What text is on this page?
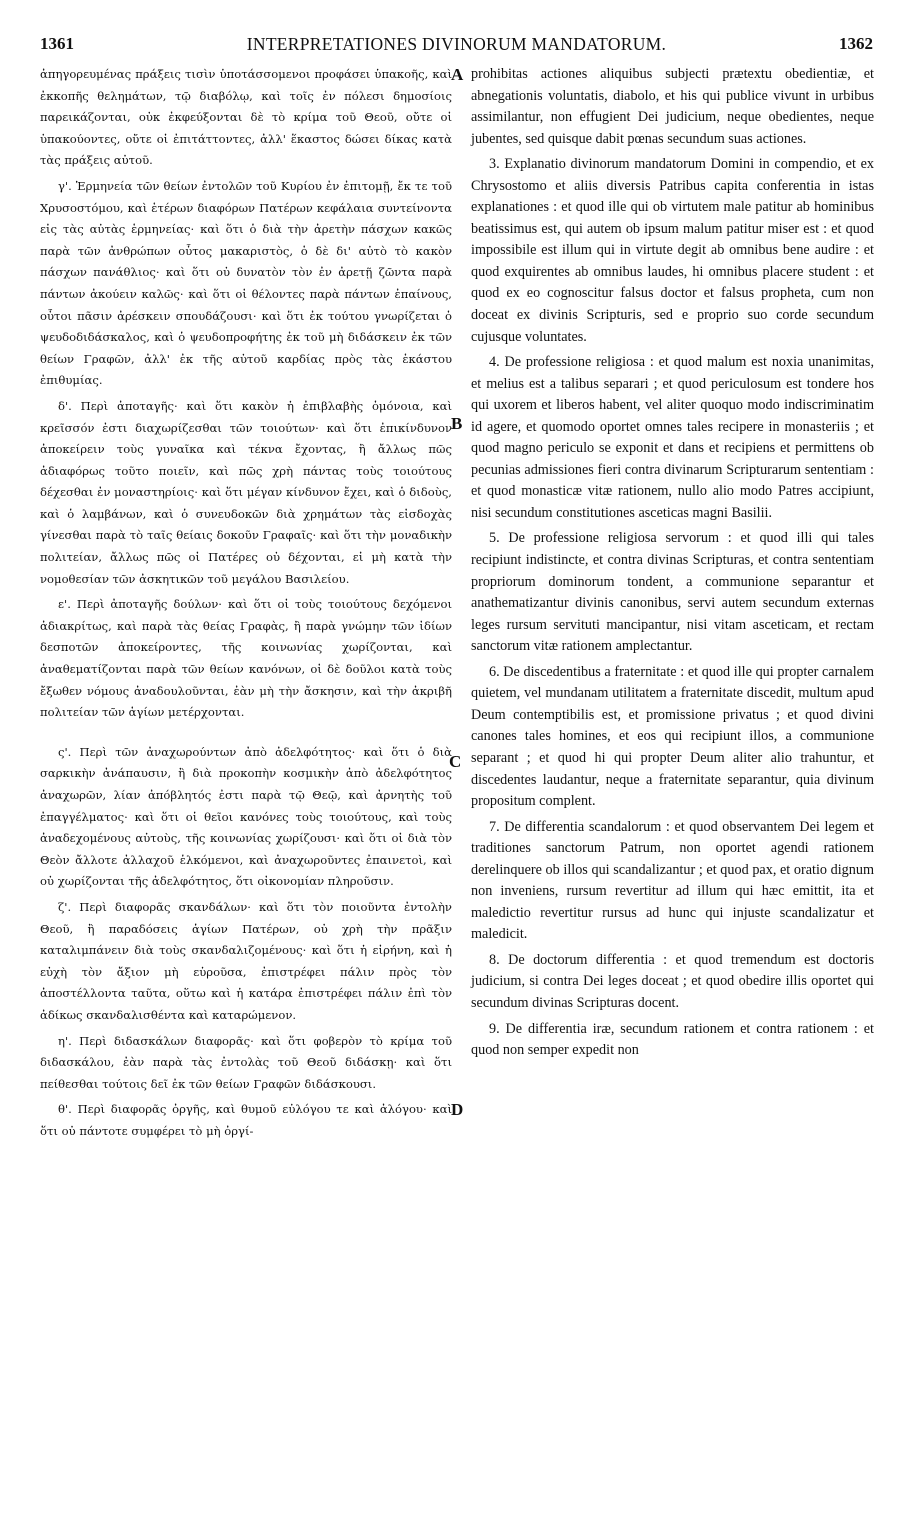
1361	INTERPRETATIONES DIVINORUM MANDATORUM.	1362

ἀπηγορευμένας πράξεις τισὶν ὑποτάσσομενοι προφάσει ὑπακοῆς, καὶ ἐκκοπῆς θελημάτων, τῷ διαβόλῳ, καὶ τοῖς ἐν πόλεσι δημοσίοις παρεικάζονται, οὐκ ἐκφεύξονται δὲ τὸ κρίμα τοῦ Θεοῦ, οὔτε οἱ ὑπακούοντες, οὔτε οἱ ἐπιτάττοντες, ἀλλ' ἕκαστος δώσει δίκας κατὰ τὰς πράξεις αὐτοῦ.

γ'. Ἑρμηνεία τῶν θείων ἐντολῶν τοῦ Κυρίου ἐν ἐπιτομῇ, ἔκ τε τοῦ Χρυσοστόμου, καὶ ἑτέρων διαφόρων Πατέρων κεφάλαια συντείνοντα εἰς τὰς αὐτὰς ἑρμηνείας· καὶ ὅτι ὁ διὰ τὴν ἀρετὴν πάσχων κακῶς παρὰ τῶν ἀνθρώπων οὗτος μακαριστὸς, ὁ δὲ δι' αὐτὸ τὸ κακὸν πάσχων πανάθλιος· καὶ ὅτι οὐ δυνατὸν τὸν ἐν ἀρετῇ ζῶντα παρὰ πάντων ἀκούειν καλῶς· καὶ ὅτι οἱ θέλοντες παρὰ πάντων ἐπαίνους, οὗτοι πᾶσιν ἀρέσκειν σπουδάζουσι· καὶ ὅτι ἐκ τούτου γνωρίζεται ὁ ψευδοδιδάσκαλος, καὶ ὁ ψευδοπροφήτης ἐκ τοῦ μὴ διδάσκειν ἐκ τῶν θείων Γραφῶν, ἀλλ' ἐκ τῆς αὐτοῦ καρδίας πρὸς τὰς ἑκάστου ἐπιθυμίας.

δ'. Περὶ ἀποταγῆς· καὶ ὅτι κακὸν ἡ ἐπιβλαβὴς ὁμόνοια, καὶ κρεῖσσόν ἐστι διαχωρίζεσθαι τῶν τοιούτων· καὶ ὅτι ἐπικίνδυνον ἀποκείρειν τοὺς γυναῖκα καὶ τέκνα ἔχοντας, ἢ ἄλλως πῶς ἀδιαφόρως τοῦτο ποιεῖν, καὶ πῶς χρὴ πάντας τοὺς τοιούτους δέχεσθαι ἐν μοναστηρίοις· καὶ ὅτι μέγαν κίνδυνον ἔχει, καὶ ὁ διδοὺς, καὶ ὁ λαμβάνων, καὶ ὁ συνευδοκῶν διὰ χρημάτων τὰς εἰσδοχὰς γίνεσθαι παρὰ τὸ ταῖς θείαις δοκοῦν Γραφαῖς· καὶ ὅτι τὴν μοναδικὴν πολιτείαν, ἄλλως πῶς οἱ Πατέρες οὐ δέχονται, εἰ μὴ κατὰ τὴν νομοθεσίαν τῶν ἀσκητικῶν τοῦ μεγάλου Βασιλείου.

ε'. Περὶ ἀποταγῆς δούλων· καὶ ὅτι οἱ τοὺς τοιούτους δεχόμενοι ἀδιακρίτως, καὶ παρὰ τὰς θείας Γραφὰς, ἢ παρὰ γνώμην τῶν ἰδίων δεσποτῶν ἀποκείροντες, τῆς κοινωνίας χωρίζονται, καὶ ἀναθεματίζονται παρὰ τῶν θείων κανόνων, οἱ δὲ δοῦλοι κατὰ τοὺς ἔξωθεν νόμους ἀναδουλοῦνται, ἐὰν μὴ τὴν ἄσκησιν, καὶ τὴν ἀκριβῆ πολιτείαν τῶν ἁγίων μετέρχονται.

ς'. Περὶ τῶν ἀναχωρούντων ἀπὸ ἀδελφότητος· καὶ ὅτι ὁ διὰ σαρκικὴν ἀνάπαυσιν, ἢ διὰ προκοπὴν κοσμικὴν ἀπὸ ἀδελφότητος ἀναχωρῶν, λίαν ἀπόβλητός ἐστι παρὰ τῷ Θεῷ, καὶ ἀρνητὴς τοῦ ἐπαγγέλματος· καὶ ὅτι οἱ θεῖοι κανόνες τοὺς τοιούτους, καὶ τοὺς ἀναδεχομένους αὐτοὺς, τῆς κοινωνίας χωρίζουσι· καὶ ὅτι οἱ διὰ τὸν Θεὸν ἄλλοτε ἀλλαχοῦ ἑλκόμενοι, καὶ ἀναχωροῦντες ἐπαινετοὶ, καὶ οὐ χωρίζονται τῆς ἀδελφότητος, ὅτι οἰκονομίαν πληροῦσιν.

ζ'. Περὶ διαφορᾶς σκανδάλων· καὶ ὅτι τὸν ποιοῦντα ἐντολὴν Θεοῦ, ἢ παραδόσεις ἁγίων Πατέρων, οὐ χρὴ τὴν πρᾶξιν καταλιμπάνειν διὰ τοὺς σκανδαλιζομένους· καὶ ὅτι ἡ εἰρήνη, καὶ ἡ εὐχὴ τὸν ἄξιον μὴ εὑροῦσα, ἐπιστρέφει πάλιν πρὸς τὸν ἀποστέλλοντα ταῦτα, οὕτω καὶ ἡ κατάρα ἐπιστρέφει πάλιν ἐπὶ τὸν ἀδίκως σκανδαλισθέντα καὶ καταρώμενον.

η'. Περὶ διδασκάλων διαφορᾶς· καὶ ὅτι φοβερὸν τὸ κρίμα τοῦ διδασκάλου, ἐὰν παρὰ τὰς ἐντολὰς τοῦ Θεοῦ διδάσκῃ· καὶ ὅτι πείθεσθαι τούτοις δεῖ ἐκ τῶν θείων Γραφῶν διδάσκουσι.

θ'. Περὶ διαφορᾶς ὀργῆς, καὶ θυμοῦ εὐλόγου τε καὶ ἀλόγου· καὶ ὅτι οὐ πάντοτε συμφέρει τὸ μὴ ὀργί-

A
B
C
D

prohibitas actiones aliquibus subjecti prætextu obedientiæ, et abnegationis voluntatis, diabolo, et his qui publice vivunt in urbibus assimilantur, non effugient Dei judicium, neque obedientes, neque jubentes, sed quisque dabit pœnas secundum suas actiones.

3. Explanatio divinorum mandatorum Domini in compendio, et ex Chrysostomo et aliis diversis Patribus capita conferentia in istas explanationes : et quod ille qui ob virtutem male patitur ab hominibus beatissimus est, qui autem ob ipsum malum patitur miser est : et quod impossibile est illum qui in virtute degit ab omnibus bene audire : et quod exquirentes ab omnibus laudes, hi omnibus placere student : et quod ex eo cognoscitur falsus doctor et falsus propheta, cum non doceat ex divinis Scripturis, sed e proprio suo corde secundum cujusque voluntates.

4. De professione religiosa : et quod malum est noxia unanimitas, et melius est a talibus separari ; et quod periculosum est tondere hos qui uxorem et liberos habent, vel aliter quoquo modo indiscriminatim id agere, et quomodo oportet omnes tales recipere in monasteriis ; et quod magno periculo se exponit et dans et recipiens et permittens ob pecunias admissiones fieri contra divinarum Scripturarum sententiam : et quod monasticæ vitæ rationem, nullo alio modo Patres accipiunt, nisi secundum constitutiones asceticas magni Basilii.

5. De professione religiosa servorum : et quod illi qui tales recipiunt indistincte, et contra divinas Scripturas, et contra sententiam propriorum dominorum tondent, a communione separantur et anathematizantur divinis canonibus, servi autem secundum externas leges rursum servituti mancipantur, nisi vitam asceticam, et rectam sanctorum vitæ rationem amplectantur.

6. De discedentibus a fraternitate : et quod ille qui propter carnalem quietem, vel mundanam utilitatem a fraternitate discedit, multum apud Deum contemptibilis est, et promissione privatus ; et quod divini canones tales homines, et eos qui recipiunt illos, a communione separant ; et quod hi qui propter Deum aliter alio trahuntur, et discedentes laudantur, neque a fraternitate separantur, quia divinum propositum complent.

7. De differentia scandalorum : et quod observantem Dei legem et traditiones sanctorum Patrum, non oportet agendi rationem derelinquere ob illos qui scandalizantur ; et quod pax, et oratio dignum non inveniens, rursum revertitur ad illum qui hæc emittit, ita et maledictio revertitur rursus ad hunc qui injuste scandalizatur et maledicit.

8. De doctorum differentia : et quod tremendum est doctoris judicium, si contra Dei leges doceat ; et quod obedire illis oportet qui secundum divinas Scripturas docent.

9. De differentia iræ, secundum rationem et contra rationem : et quod non semper expedit non
